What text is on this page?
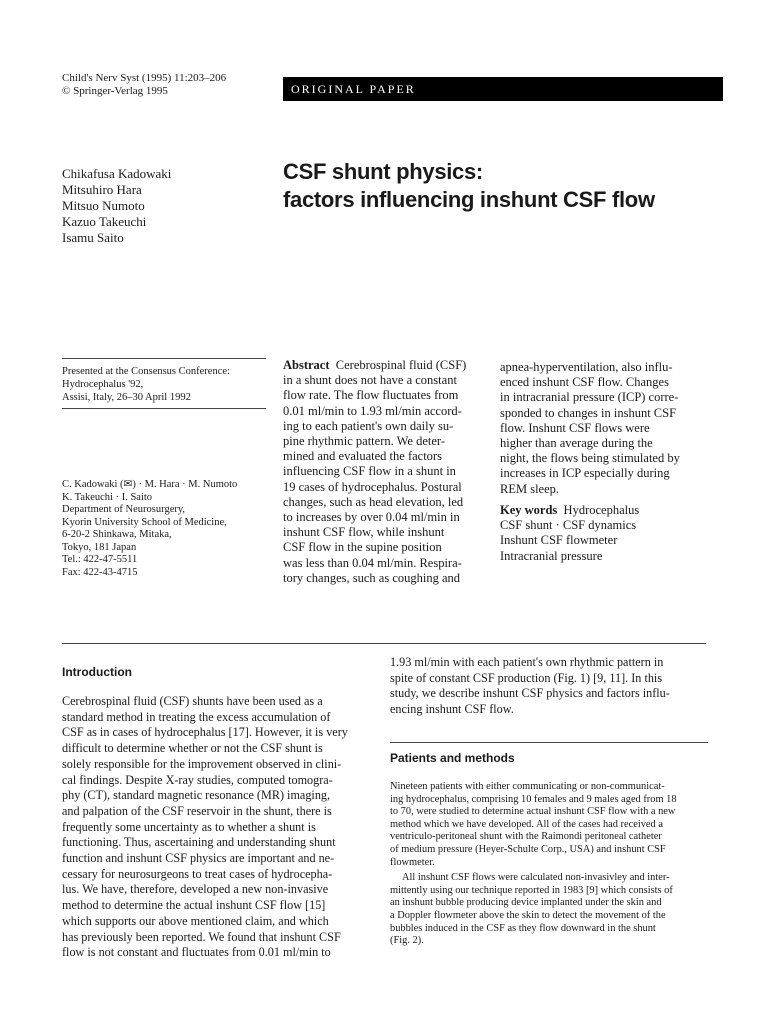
Child's Nerv Syst (1995) 11:203–206
© Springer-Verlag 1995	ORIGINAL PAPER
Chikafusa Kadowaki
Mitsuhiro Hara
Mitsuo Numoto
Kazuo Takeuchi
Isamu Saito
CSF shunt physics:
factors influencing inshunt CSF flow
Presented at the Consensus Conference:
Hydrocephalus '92,
Assisi, Italy, 26–30 April 1992
C. Kadowaki (✉) · M. Hara · M. Numoto
K. Takeuchi · I. Saito
Department of Neurosurgery,
Kyorin University School of Medicine,
6-20-2 Shinkawa, Mitaka,
Tokyo, 181 Japan
Tel.: 422-47-5511
Fax: 422-43-4715
Abstract Cerebrospinal fluid (CSF)
in a shunt does not have a constant
flow rate. The flow fluctuates from
0.01 ml/min to 1.93 ml/min accord-
ing to each patient's own daily su-
pine rhythmic pattern. We deter-
mined and evaluated the factors
influencing CSF flow in a shunt in
19 cases of hydrocephalus. Postural
changes, such as head elevation, led
to increases by over 0.04 ml/min in
inshunt CSF flow, while inshunt
CSF flow in the supine position
was less than 0.04 ml/min. Respira-
tory changes, such as coughing and
apnea-hyperventilation, also influ-
enced inshunt CSF flow. Changes
in intracranial pressure (ICP) corre-
sponded to changes in inshunt CSF
flow. Inshunt CSF flows were
higher than average during the
night, the flows being stimulated by
increases in ICP especially during
REM sleep.
Key words Hydrocephalus
CSF shunt · CSF dynamics
Inshunt CSF flowmeter
Intracranial pressure
Introduction
Cerebrospinal fluid (CSF) shunts have been used as a
standard method in treating the excess accumulation of
CSF as in cases of hydrocephalus [17]. However, it is very
difficult to determine whether or not the CSF shunt is
solely responsible for the improvement observed in clini-
cal findings. Despite X-ray studies, computed tomogra-
phy (CT), standard magnetic resonance (MR) imaging,
and palpation of the CSF reservoir in the shunt, there is
frequently some uncertainty as to whether a shunt is
functioning. Thus, ascertaining and understanding shunt
function and inshunt CSF physics are important and ne-
cessary for neurosurgeons to treat cases of hydrocepha-
lus. We have, therefore, developed a new non-invasive
method to determine the actual inshunt CSF flow [15]
which supports our above mentioned claim, and which
has previously been reported. We found that inshunt CSF
flow is not constant and fluctuates from 0.01 ml/min to
1.93 ml/min with each patient's own rhythmic pattern in
spite of constant CSF production (Fig. 1) [9, 11]. In this
study, we describe inshunt CSF physics and factors influ-
encing inshunt CSF flow.
Patients and methods
Nineteen patients with either communicating or non-communicat-
ing hydrocephalus, comprising 10 females and 9 males aged from 18
to 70, were studied to determine actual inshunt CSF flow with a new
method which we have developed. All of the cases had received a
ventriculo-peritoneal shunt with the Raimondi peritoneal catheter
of medium pressure (Heyer-Schulte Corp., USA) and inshunt CSF
flowmeter.
All inshunt CSF flows were calculated non-invasivley and inter-
mittently using our technique reported in 1983 [9] which consists of
an inshunt bubble producing device implanted under the skin and
a Doppler flowmeter above the skin to detect the movement of the
bubbles induced in the CSF as they flow downward in the shunt
(Fig. 2).
